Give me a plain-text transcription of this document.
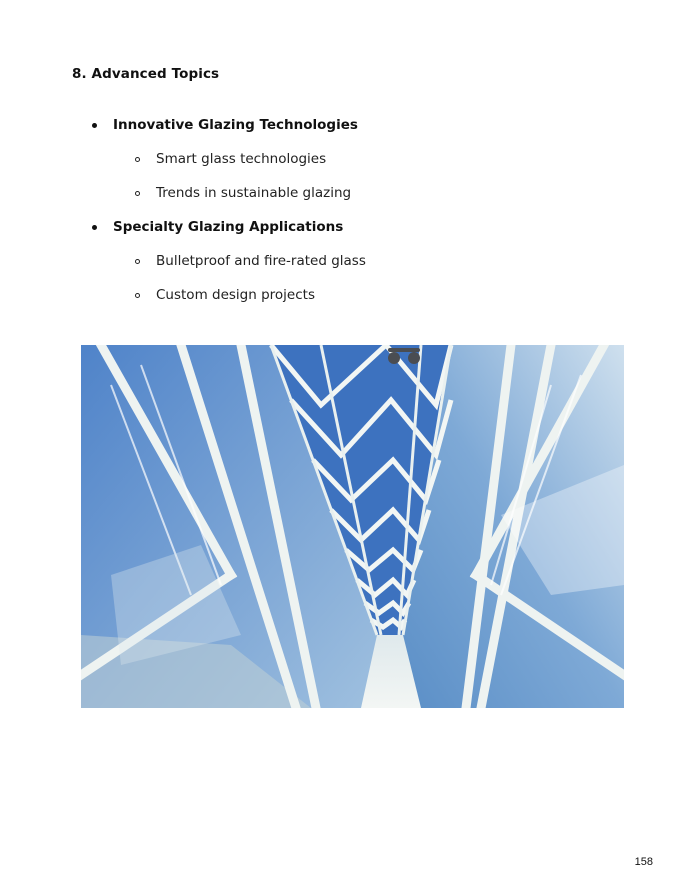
8. Advanced Topics
Innovative Glazing Technologies
Smart glass technologies
Trends in sustainable glazing
Specialty Glazing Applications
Bulletproof and fire-rated glass
Custom design projects
158
